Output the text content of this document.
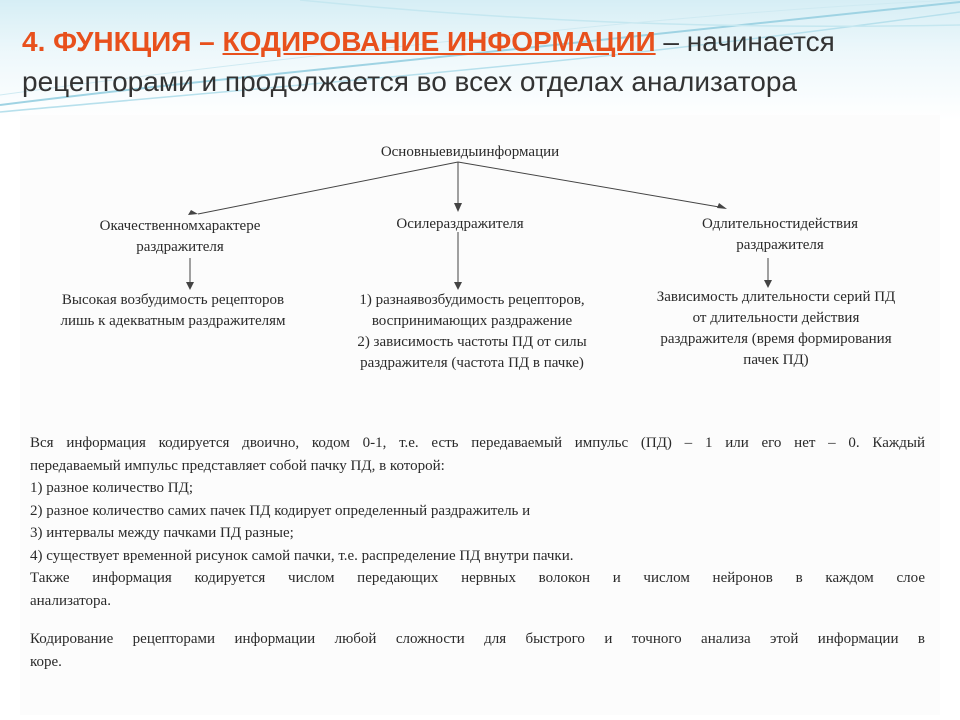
4. ФУНКЦИЯ – КОДИРОВАНИЕ ИНФОРМАЦИИ – начинается рецепторами и продолжается во всех отделах анализатора
Основныевидыинформации
Окачественномхарактере
раздражителя
Осилераздражителя	Одлительностидействия
раздражителя
Высокая возбудимость рецепторов
лишь к адекватным раздражителям
1) разнаявозбудимость рецепторов,
воспринимающих раздражение
2) зависимость частоты ПД от силы
раздражителя (частота ПД в пачке)
Зависимость длительности серий ПД
от длительности действия
раздражителя (время формирования
пачек ПД)

Вся информация кодируется двоично, кодом 0-1, т.е. есть передаваемый импульс (ПД) – 1 или его нет – 0. Каждый

передаваемый импульс представляет собой пачку ПД, в которой:

1) разное количество ПД;

2) разное количество самих пачек ПД кодирует определенный раздражитель и

3) интервалы между пачками ПД разные;

4) существует временной рисунок самой пачки, т.е. распределение ПД внутри пачки.

Также информация кодируется числом передающих нервных волокон и числом нейронов в каждом слое

анализатора.

Кодирование рецепторами информации любой сложности для быстрого и точного анализа этой информации в

коре.
